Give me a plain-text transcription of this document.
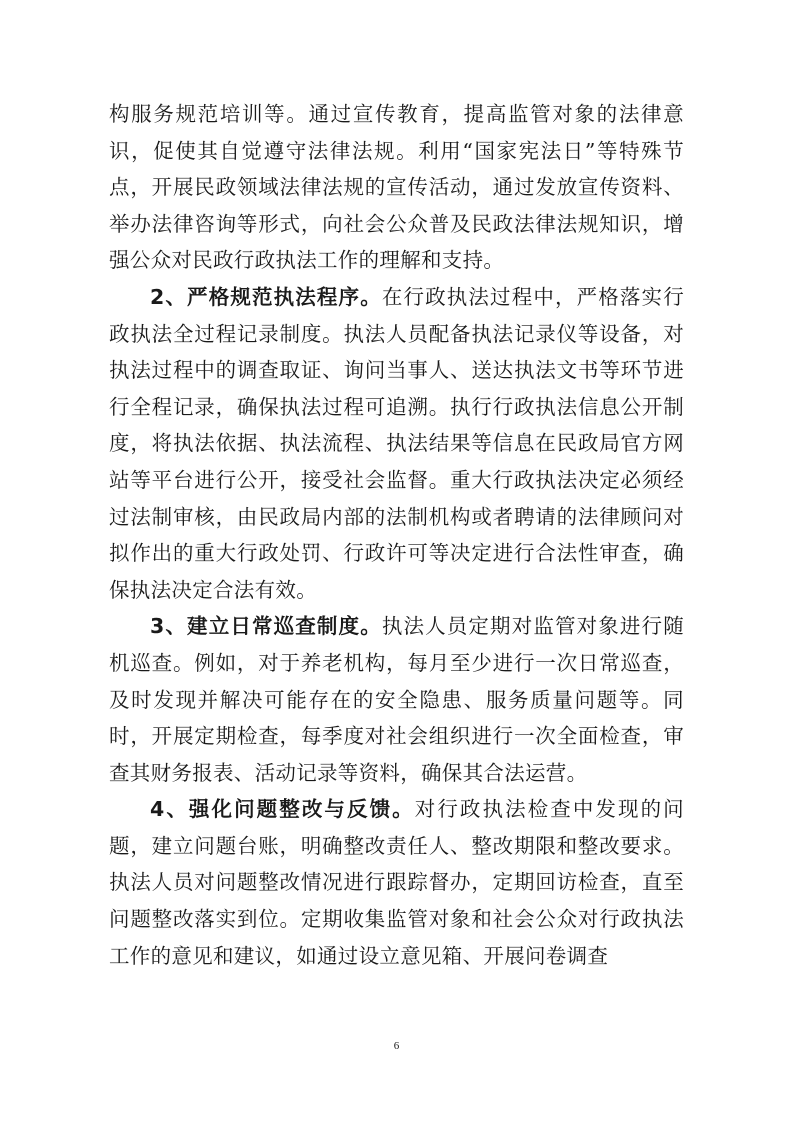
构服务规范培训等。通过宣传教育，提高监管对象的法律意识，促使其自觉遵守法律法规。利用“国家宪法日”等特殊节点，开展民政领域法律法规的宣传活动，通过发放宣传资料、举办法律咨询等形式，向社会公众普及民政法律法规知识，增强公众对民政行政执法工作的理解和支持。

2、严格规范执法程序。在行政执法过程中，严格落实行政执法全过程记录制度。执法人员配备执法记录仪等设备，对执法过程中的调查取证、询问当事人、送达执法文书等环节进行全程记录，确保执法过程可追溯。执行行政执法信息公开制度，将执法依据、执法流程、执法结果等信息在民政局官方网站等平台进行公开，接受社会监督。重大行政执法决定必须经过法制审核，由民政局内部的法制机构或者聘请的法律顾问对拟作出的重大行政处罚、行政许可等决定进行合法性审查，确保执法决定合法有效。

3、建立日常巡查制度。执法人员定期对监管对象进行随机巡查。例如，对于养老机构，每月至少进行一次日常巡查，及时发现并解决可能存在的安全隐患、服务质量问题等。同时，开展定期检查，每季度对社会组织进行一次全面检查，审查其财务报表、活动记录等资料，确保其合法运营。

4、强化问题整改与反馈。对行政执法检查中发现的问题，建立问题台账，明确整改责任人、整改期限和整改要求。执法人员对问题整改情况进行跟踪督办，定期回访检查，直至问题整改落实到位。定期收集监管对象和社会公众对行政执法工作的意见和建议，如通过设立意见箱、开展问卷调查

6
